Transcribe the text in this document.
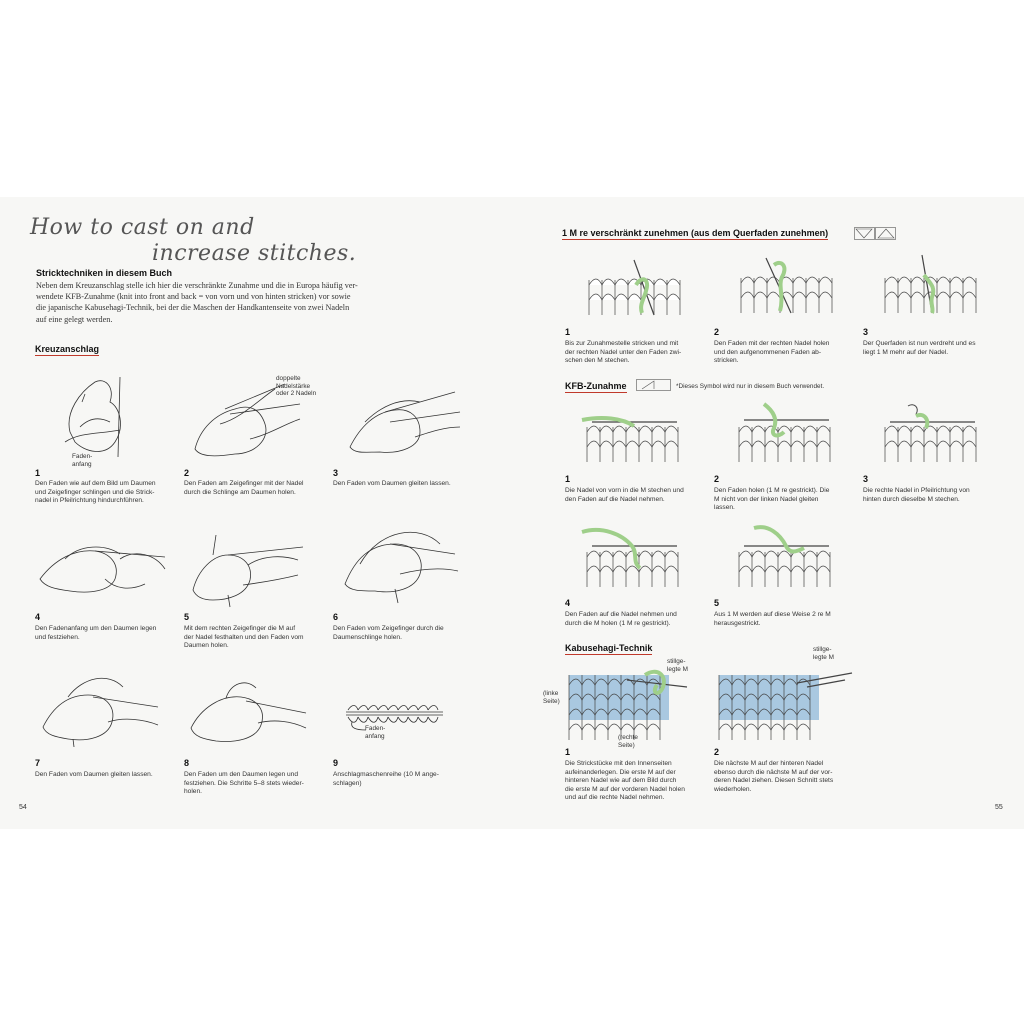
How to cast on and
increase stitches.
Stricktechniken in diesem Buch
Neben dem Kreuzanschlag stelle ich hier die verschränkte Zunahme und die in Europa häufig ver-
wendete KFB-Zunahme (knit into front and back = von vorn und von hinten stricken) vor sowie
die japanische Kabusehagi-Technik, bei der die Maschen der Handkantenseite von zwei Nadeln
auf eine gelegt werden.
Kreuzanschlag
Faden-
anfang
doppelte
Nadelstärke
oder 2 Nadeln
1
Den Faden wie auf dem Bild um Daumen
und Zeigefinger schlingen und die Strick-
nadel in Pfeilrichtung hindurchführen.
2
Den Faden am Zeigefinger mit der Nadel
durch die Schlinge am Daumen holen.
3
Den Faden vom Daumen gleiten lassen.
4
Den Fadenanfang um den Daumen legen
und festziehen.
5
Mit dem rechten Zeigefinger die M auf
der Nadel festhalten und den Faden vom
Daumen holen.
6
Den Faden vom Zeigefinger durch die
Daumenschlinge holen.
Faden-
anfang
7
Den Faden vom Daumen gleiten lassen.
8
Den Faden um den Daumen legen und
festziehen. Die Schritte 5–8 stets wieder-
holen.
9
Anschlagmaschenreihe (10 M ange-
schlagen)
54
1 M re verschränkt zunehmen (aus dem Querfaden zunehmen)
1
Bis zur Zunahmestelle stricken und mit
der rechten Nadel unter den Faden zwi-
schen den M stechen.
2
Den Faden mit der rechten Nadel holen
und den aufgenommenen Faden ab-
stricken.
3
Der Querfaden ist nun verdreht und es
liegt 1 M mehr auf der Nadel.
KFB-Zunahme	*Dieses Symbol wird nur in diesem Buch verwendet.
1
Die Nadel von vorn in die M stechen und
den Faden auf die Nadel nehmen.
2
Den Faden holen (1 M re gestrickt). Die
M nicht von der linken Nadel gleiten
lassen.
3
Die rechte Nadel in Pfeilrichtung von
hinten durch dieselbe M stechen.
4
Den Faden auf die Nadel nehmen und
durch die M holen (1 M re gestrickt).
5
Aus 1 M werden auf diese Weise 2 re M
herausgestrickt.
Kabusehagi-Technik
(linke
Seite)
(rechte
Seite)
stillge-
legte M
stillge-
legte M
1
Die Strickstücke mit den Innenseiten
aufeinanderlegen. Die erste M auf der
hinteren Nadel wie auf dem Bild durch
die erste M auf der vorderen Nadel holen
und auf die rechte Nadel nehmen.
2
Die nächste M auf der hinteren Nadel
ebenso durch die nächste M auf der vor-
deren Nadel ziehen. Diesen Schnitt stets
wiederholen.
55
